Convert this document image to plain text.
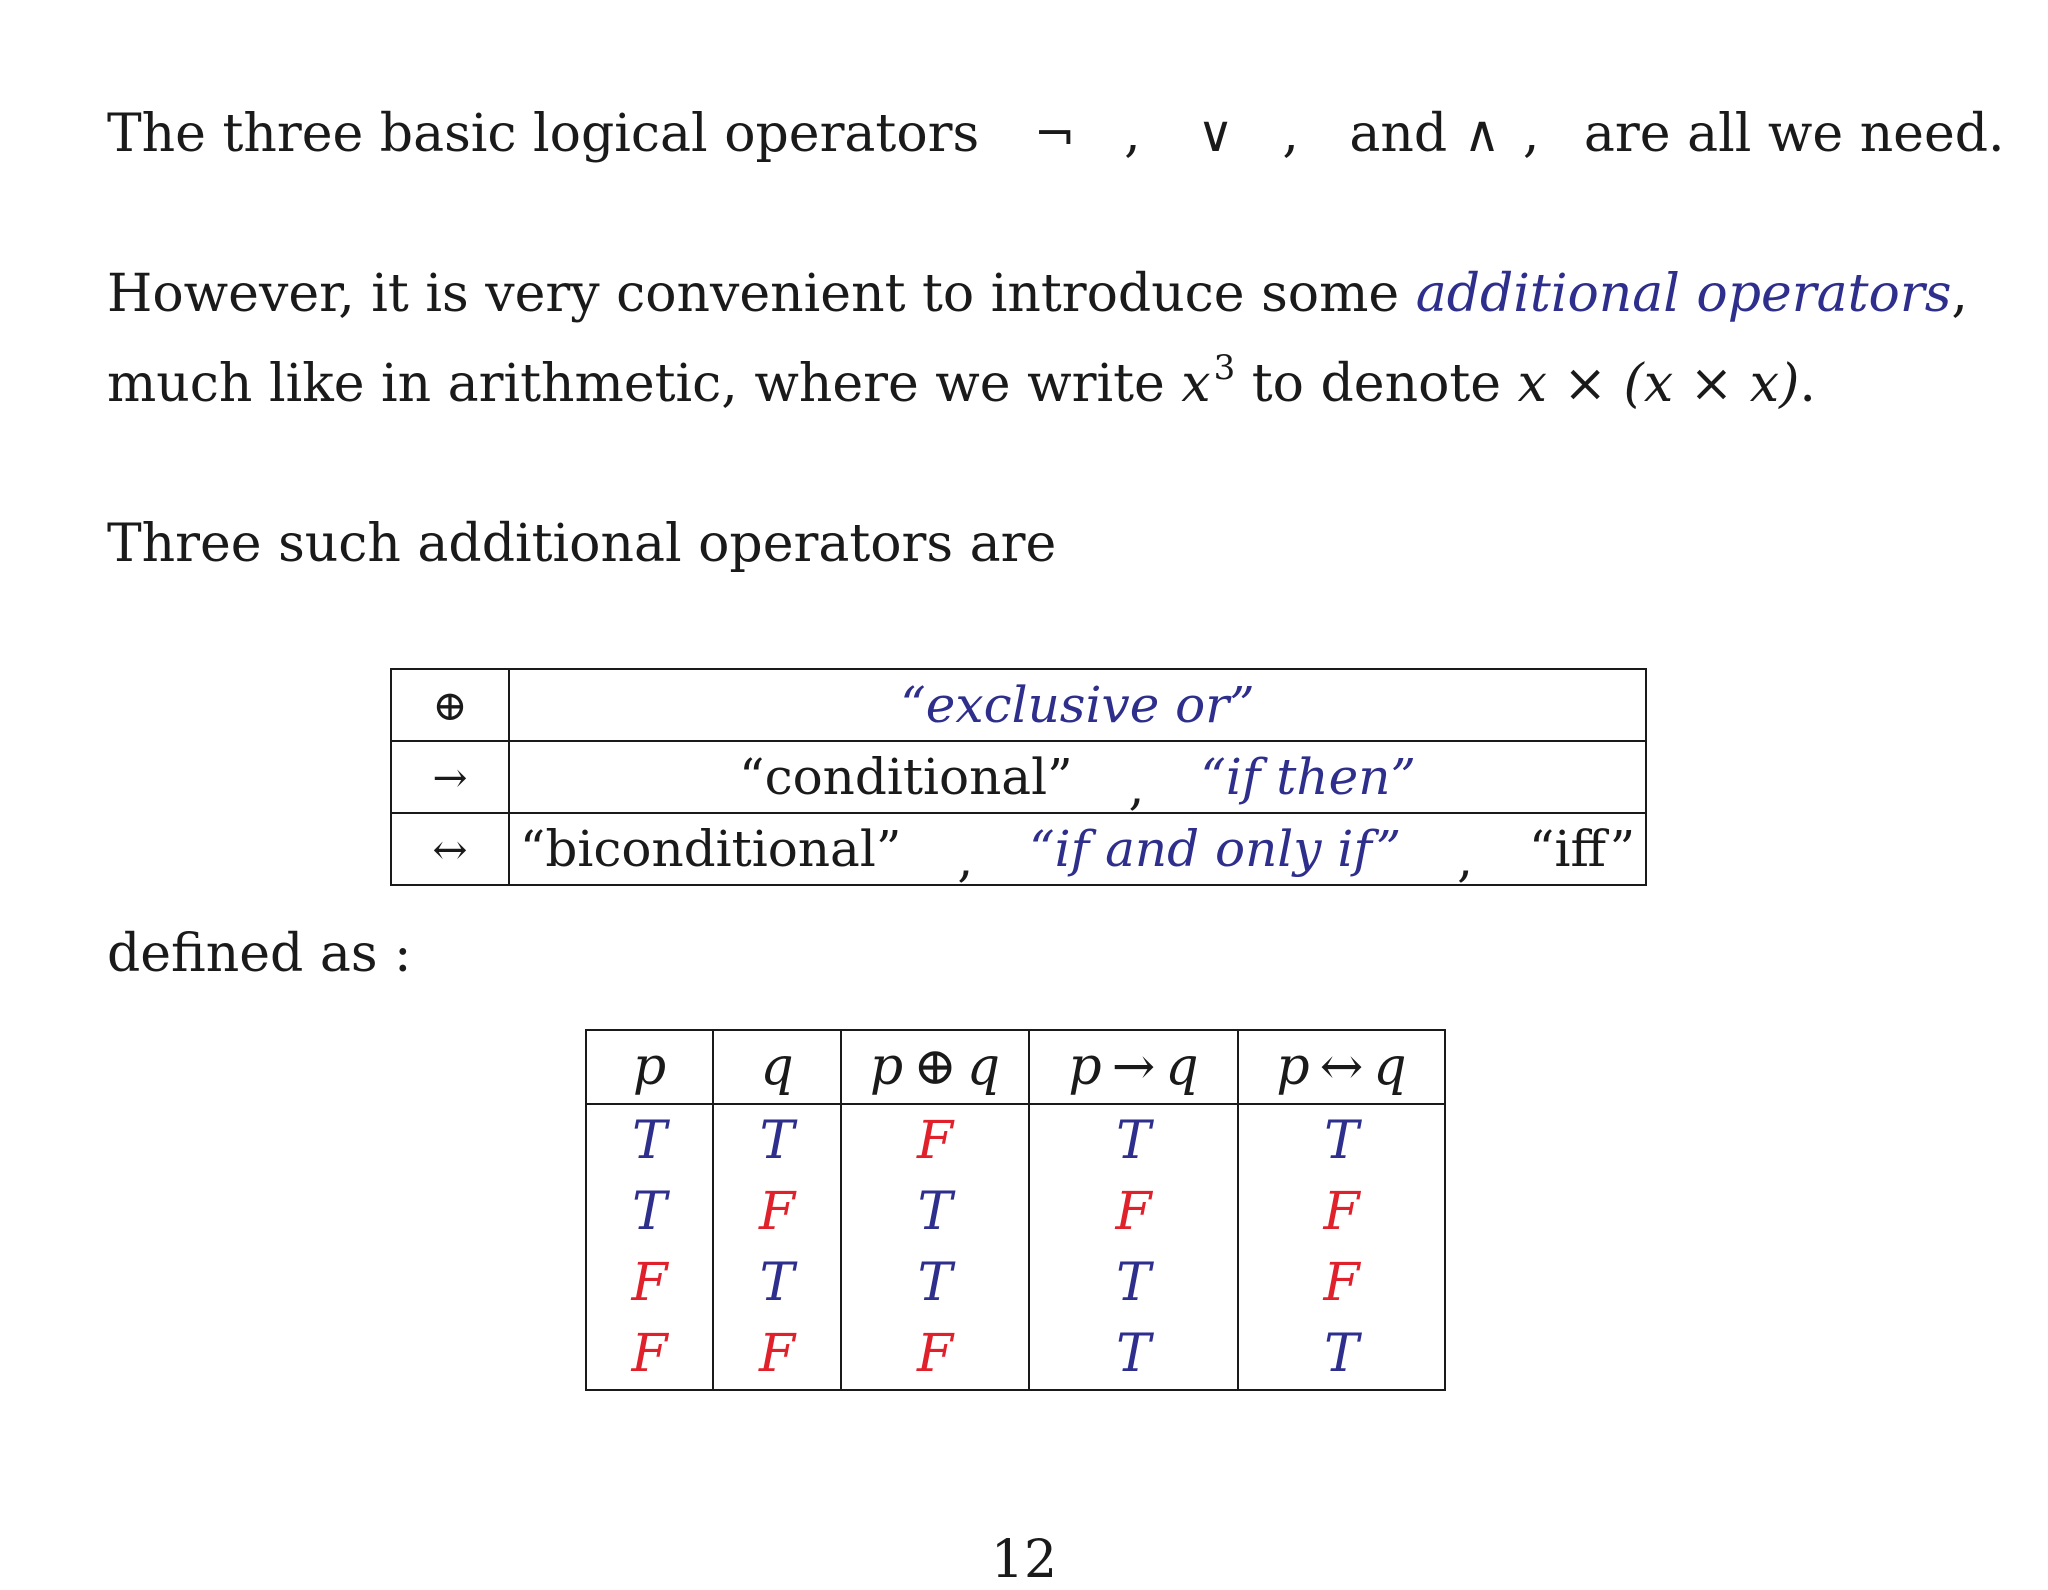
The three basic logical operators ¬ , ∨ , and ∧ , are all we need.
However, it is very convenient to introduce some additional operators,
much like in arithmetic, where we write $x^3$ to denote x × (x × x).
Three such additional operators are
⊕	“exclusive or”
→	“conditional” , “if then”
↔	“biconditional” , “if and only if” , “iff”
defined as :
p	q	p ⊕ q	p → q	p ↔ q
T	T	F	T	T
T	F	T	F	F
F	T	T	T	F
F	F	F	T	T
12
